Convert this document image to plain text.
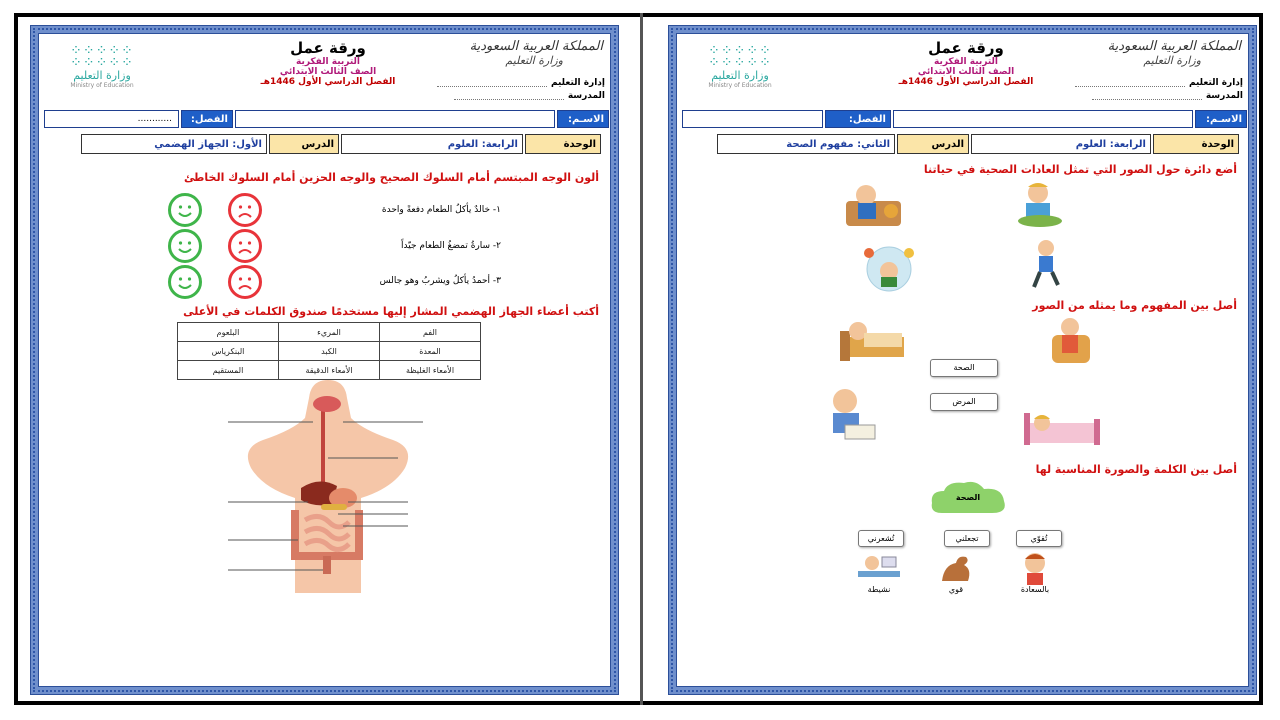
المملكة العربية السعودية
وزارة التعليم
إدارة التعليم
المدرسة
ورقة عمل
التربية الفكرية
الصف الثالث الابتدائي
الفصل الدراسي الأول 1446هـ
⁘⁘⁘⁘⁘
⁘⁘⁘⁘⁘
وزارة التعليم
Ministry of Education
الاسـم:
الفصل:
............
الوحدة
الرابعة: العلوم
الدرس
الأول: الجهاز الهضمي
ألون الوجه المبتسم أمام السلوك الصحيح والوجه الحزين أمام السلوك الخاطئ
١- خالدٌ يأكلُ الطعام دفعةً واحدة
٢- سارةُ تمضغُ الطعام جيّداً
٣- أحمدُ يأكلُ ويشربُ وهو جالس
أكتب أعضاء الجهاز الهضمي المشار إليها مستخدمًا صندوق الكلمات في الأعلى
الفم	المريء	البلعوم
المعدة	الكبد	البنكرياس
الأمعاء الغليظة	الأمعاء الدقيقة	المستقيم
المملكة العربية السعودية
وزارة التعليم
إدارة التعليم
المدرسة
ورقة عمل
التربية الفكرية
الصف الثالث الابتدائي
الفصل الدراسي الأول 1446هـ
⁘⁘⁘⁘⁘
⁘⁘⁘⁘⁘
وزارة التعليم
Ministry of Education
الاسـم:
الفصل:
الوحدة
الرابعة: العلوم
الدرس
الثاني: مفهوم الصحة
أضع دائرة حول الصور التي تمثل العادات الصحية في حياتنا
أصل بين المفهوم وما يمثله من الصور
الصحة
المرض
أصل بين الكلمة والصورة المناسبة لها
الصحة
تُشعرني	تجعلني	تُقوّي
نشيطة	قوي	بالسعادة
